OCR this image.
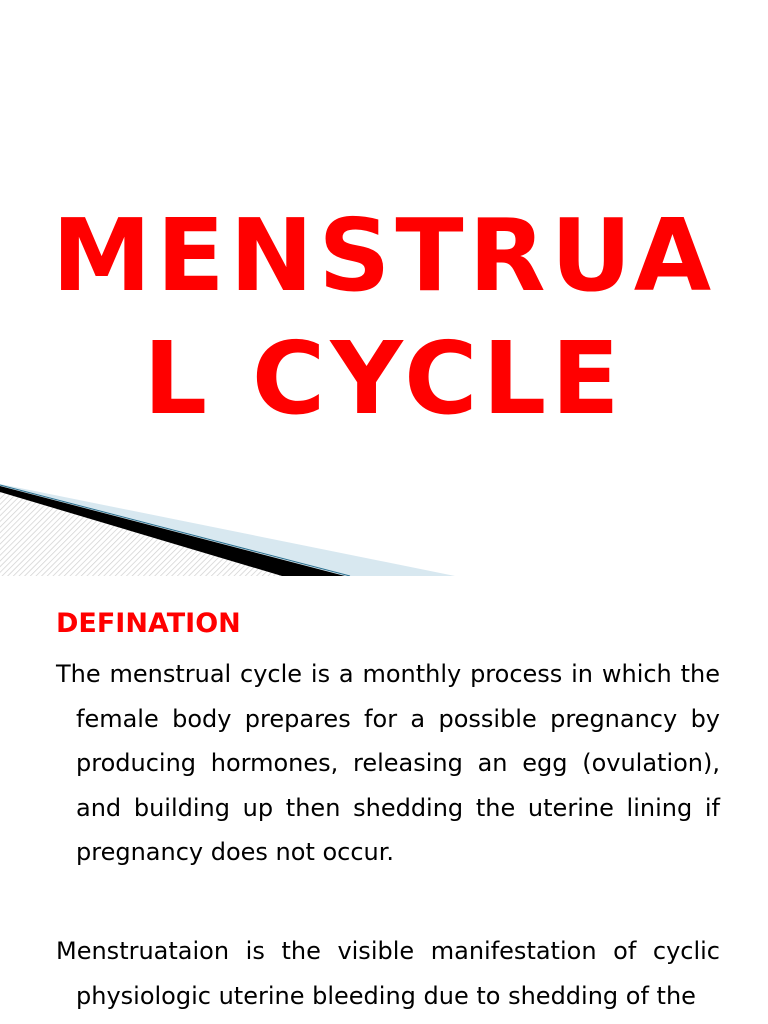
MENSTRUA
L CYCLE
DEFINATION

The menstrual cycle is a monthly process in which the female body prepares for a possible pregnancy by producing hormones, releasing an egg (ovulation), and building up then shedding the uterine lining if pregnancy does not occur.

Menstruataion is the visible manifestation of cyclic physiologic uterine bleeding due to shedding of the
